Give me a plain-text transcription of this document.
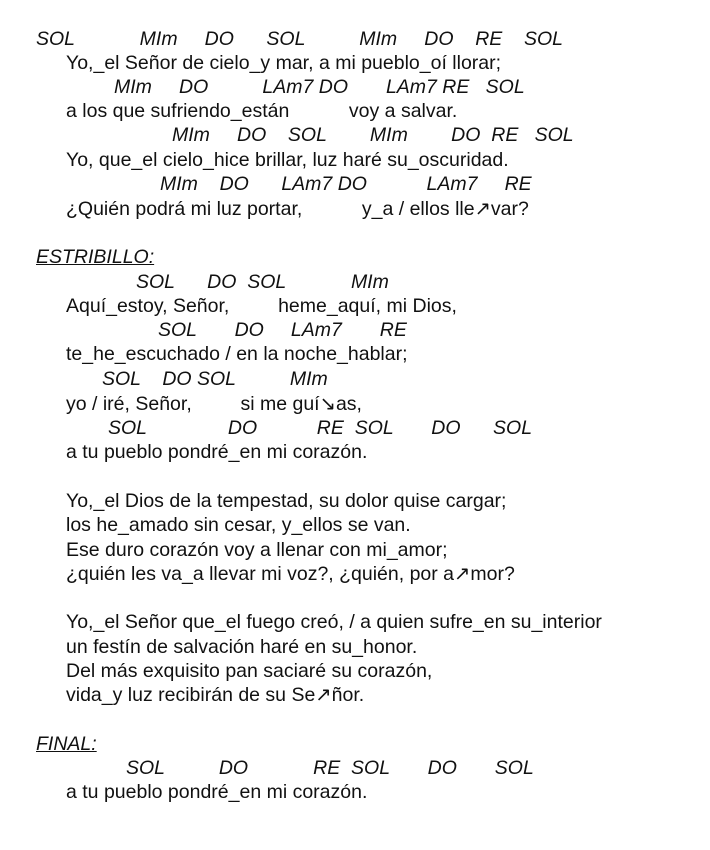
SOL            MIm     DO      SOL          MIm     DO    RE    SOL
Yo,_el Señor de cielo_y mar, a mi pueblo_oí llorar;
MIm     DO          LAm7 DO       LAm7 RE   SOL
a los que sufriendo_están           voy a salvar.
MIm     DO    SOL        MIm        DO  RE   SOL
Yo, que_el cielo_hice brillar, luz haré su_oscuridad.
MIm    DO      LAm7 DO           LAm7     RE
¿Quién podrá mi luz portar,           y_a / ellos lle↗var?
ESTRIBILLO:
SOL      DO  SOL            MIm
Aquí_estoy, Señor,         heme_aquí, mi Dios,
SOL       DO     LAm7       RE
te_he_escuchado / en la noche_hablar;
SOL    DO SOL          MIm
yo / iré, Señor,         si me guí↘as,
SOL               DO           RE  SOL       DO      SOL
a tu pueblo pondré_en mi corazón.
Yo,_el Dios de la tempestad, su dolor quise cargar;
los he_amado sin cesar, y_ellos se van.
Ese duro corazón voy a llenar con mi_amor;
¿quién les va_a llevar mi voz?, ¿quién, por a↗mor?
Yo,_el Señor que_el fuego creó, / a quien sufre_en su_interior
un festín de salvación haré en su_honor.
Del más exquisito pan saciaré su corazón,
vida_y luz recibirán de su Se↗ñor.
FINAL:
SOL          DO            RE  SOL       DO       SOL
a tu pueblo pondré_en mi corazón.
